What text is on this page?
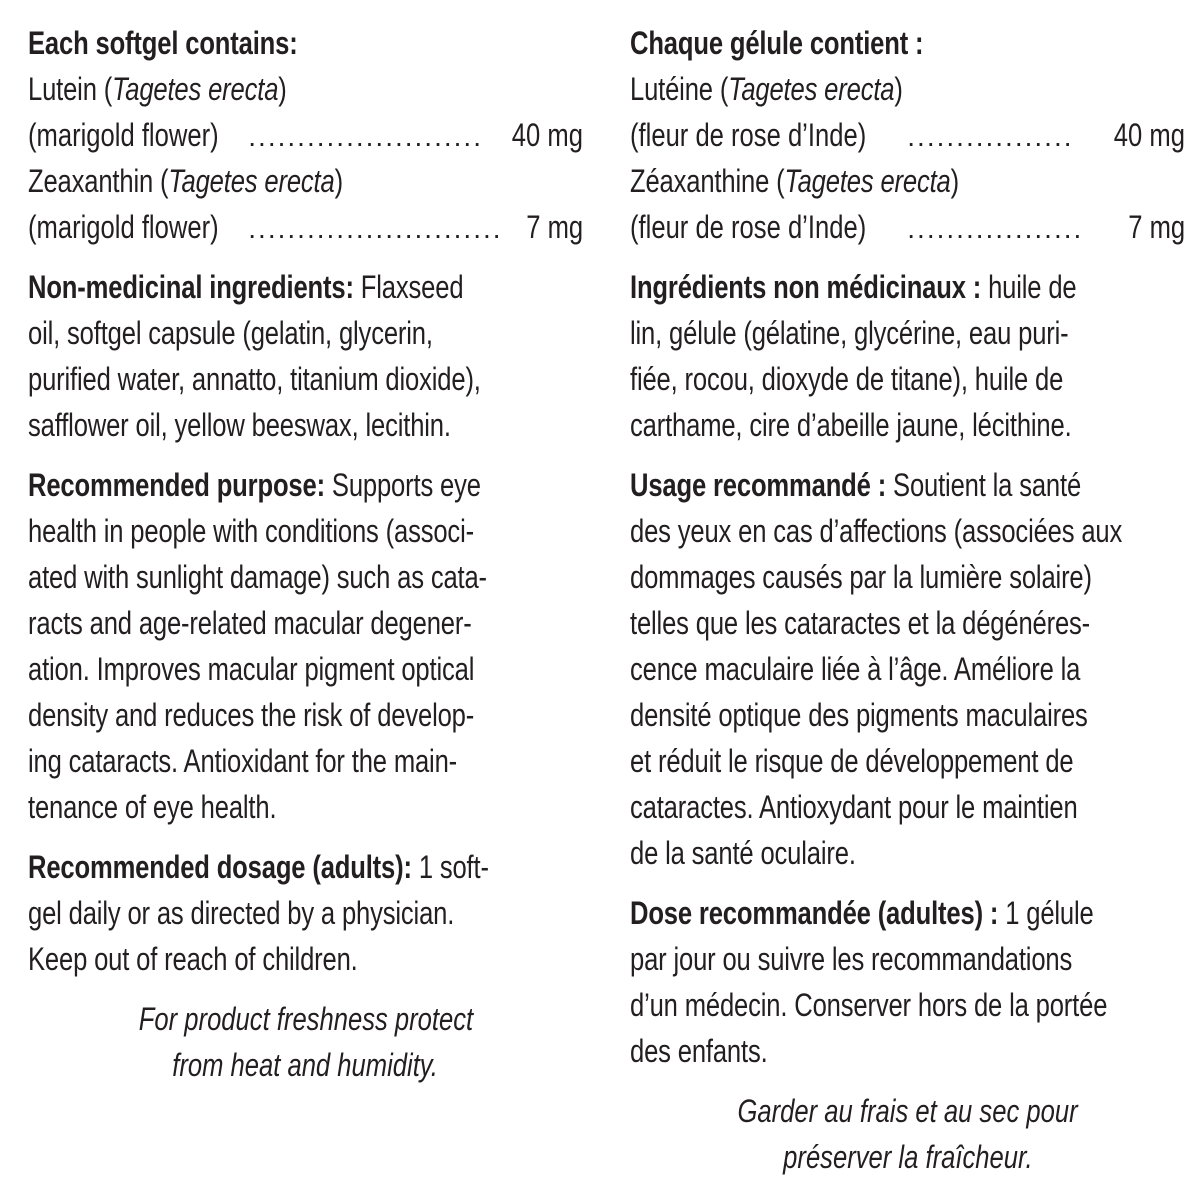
Each softgel contains:
Lutein (Tagetes erecta)
(marigold flower) ........................ 40 mg
Zeaxanthin (Tagetes erecta)
(marigold flower) .......................... 7 mg
Non-medicinal ingredients: Flaxseed
oil, softgel capsule (gelatin, glycerin,
purified water, annatto, titanium dioxide),
safflower oil, yellow beeswax, lecithin.
Recommended purpose: Supports eye
health in people with conditions (associ-
ated with sunlight damage) such as cata-
racts and age-related macular degener-
ation. Improves macular pigment optical
density and reduces the risk of develop-
ing cataracts. Antioxidant for the main-
tenance of eye health.
Recommended dosage (adults): 1 soft-
gel daily or as directed by a physician.
Keep out of reach of children.
For product freshness protect
from heat and humidity.
Chaque gélule contient :
Lutéine (Tagetes erecta)
(fleur de rose d’Inde) .................	40 mg
Zéaxanthine (Tagetes erecta)
(fleur de rose d’Inde) ..................	7 mg
Ingrédients non médicinaux : huile de
lin, gélule (gélatine, glycérine, eau puri-
fiée, rocou, dioxyde de titane), huile de
carthame, cire d’abeille jaune, lécithine.
Usage recommandé : Soutient la santé
des yeux en cas d’affections (associées aux
dommages causés par la lumière solaire)
telles que les cataractes et la dégénéres-
cence maculaire liée à l’âge. Améliore la
densité optique des pigments maculaires
et réduit le risque de développement de
cataractes. Antioxydant pour le maintien
de la santé oculaire.
Dose recommandée (adultes) : 1 gélule
par jour ou suivre les recommandations
d’un médecin. Conserver hors de la portée
des enfants.
Garder au frais et au sec pour
préserver la fraîcheur.
